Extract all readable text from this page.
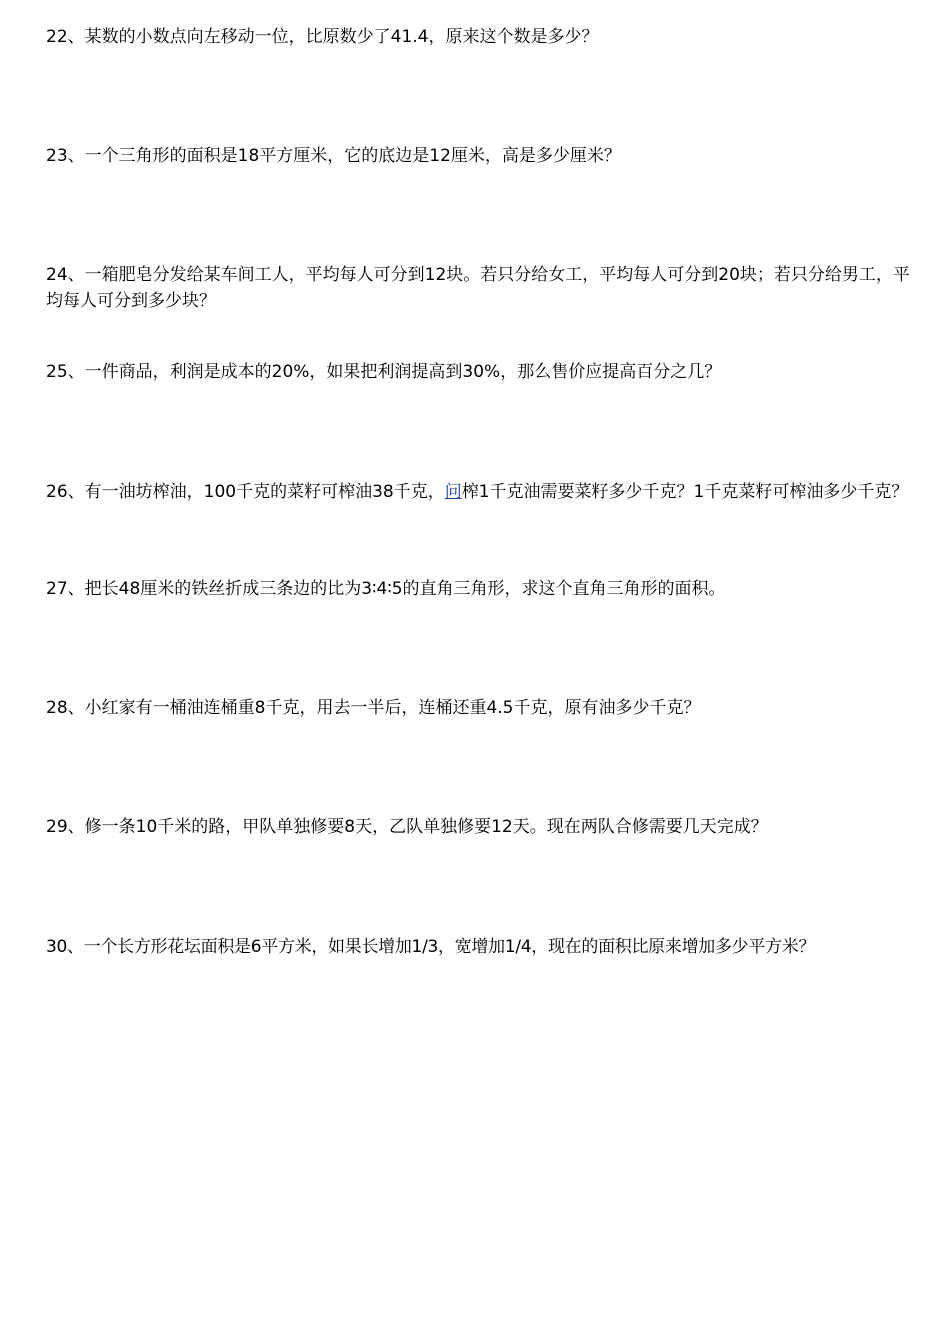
22、某数的小数点向左移动一位，比原数少了41.4，原来这个数是多少？
23、一个三角形的面积是18平方厘米，它的底边是12厘米，高是多少厘米？
24、一箱肥皂分发给某车间工人，平均每人可分到12块。若只分给女工，平均每人可分到20块；若只分给男工，平均每人可分到多少块？
25、一件商品，利润是成本的20%，如果把利润提高到30%，那么售价应提高百分之几？
26、有一油坊榨油，100千克的菜籽可榨油38千克，问榨1千克油需要菜籽多少千克？1千克菜籽可榨油多少千克？
27、把长48厘米的铁丝折成三条边的比为3∶4∶5的直角三角形，求这个直角三角形的面积。
28、小红家有一桶油连桶重8千克，用去一半后，连桶还重4.5千克，原有油多少千克？
29、修一条10千米的路，甲队单独修要8天，乙队单独修要12天。现在两队合修需要几天完成？
30、一个长方形花坛面积是6平方米，如果长增加1/3，宽增加1/4，现在的面积比原来增加多少平方米？
